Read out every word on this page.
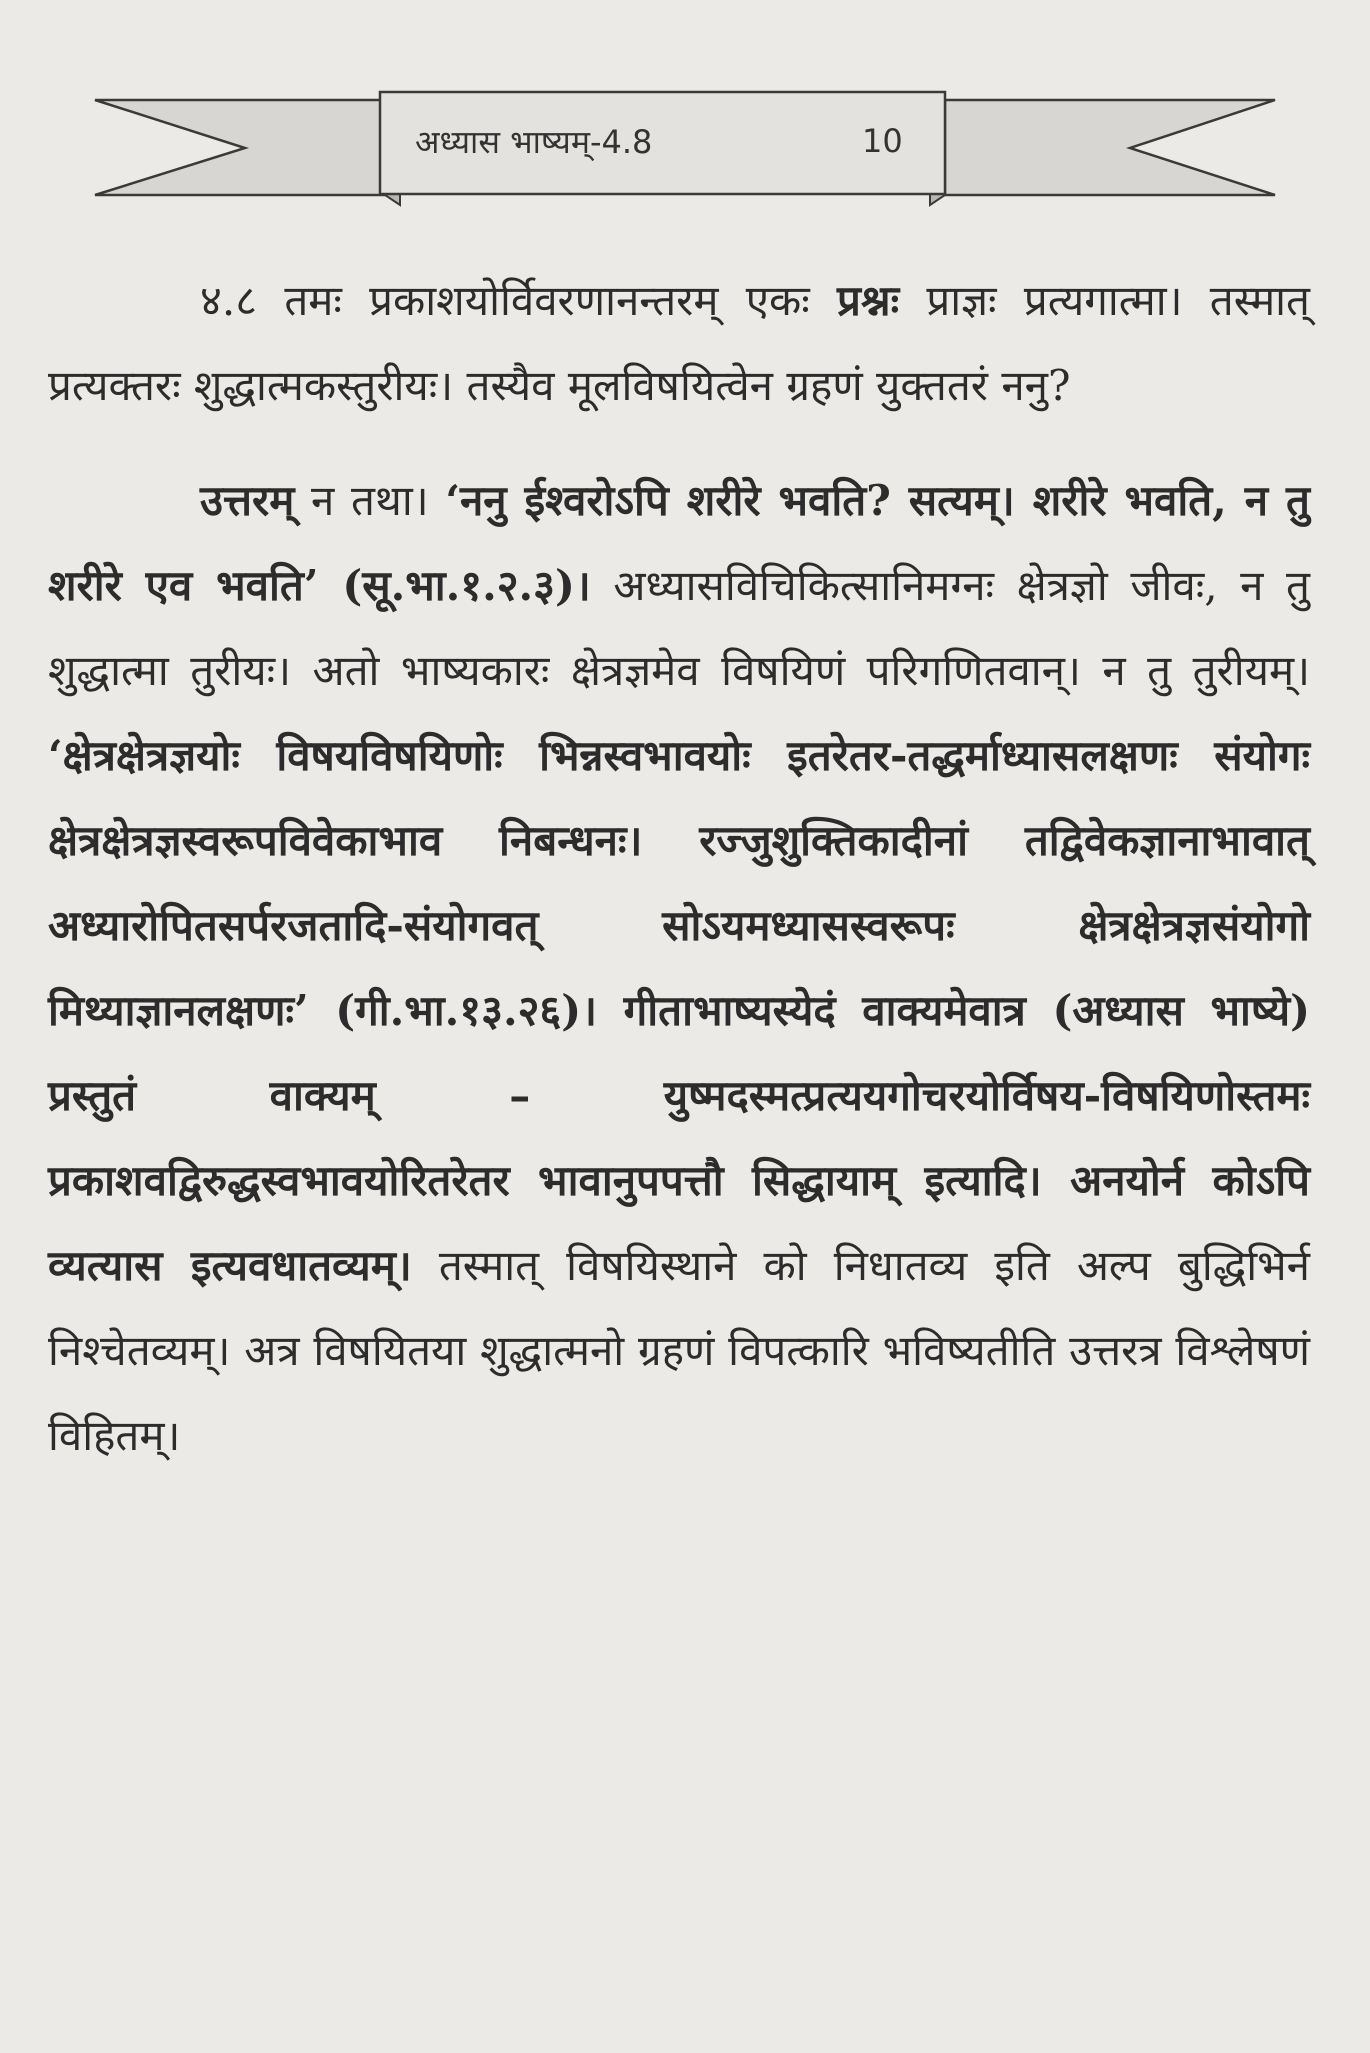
अध्यास भाष्यम्-4.8	10

४.८ तमः प्रकाशयोर्विवरणानन्तरम् एकः प्रश्नः प्राज्ञः प्रत्यगात्मा। तस्मात् प्रत्यक्तरः शुद्धात्मकस्तुरीयः। तस्यैव मूलविषयित्वेन ग्रहणं युक्ततरं ननु?

उत्तरम् न तथा। ‘ननु ईश्वरोऽपि शरीरे भवति? सत्यम्। शरीरे भवति, न तु शरीरे एव भवति’ (सू.भा.१.२.३)। अध्यासविचिकित्सानिमग्नः क्षेत्रज्ञो जीवः, न तु शुद्धात्मा तुरीयः। अतो भाष्यकारः क्षेत्रज्ञमेव विषयिणं परिगणितवान्। न तु तुरीयम्। ‘क्षेत्रक्षेत्रज्ञयोः विषयविषयिणोः भिन्नस्वभावयोः इतरेतर-तद्धर्माध्यासलक्षणः संयोगः क्षेत्रक्षेत्रज्ञस्वरूपविवेकाभाव निबन्धनः। रज्जुशुक्तिकादीनां तद्विवेकज्ञानाभावात् अध्यारोपितसर्परजतादि-संयोगवत् सोऽयमध्यासस्वरूपः क्षेत्रक्षेत्रज्ञसंयोगो मिथ्याज्ञानलक्षणः’ (गी.भा.१३.२६)। गीताभाष्यस्येदं वाक्यमेवात्र (अध्यास भाष्ये) प्रस्तुतं वाक्यम् – युष्मदस्मत्प्रत्ययगोचरयोर्विषय-विषयिणोस्तमः प्रकाशवद्विरुद्धस्वभावयोरितरेतर भावानुपपत्तौ सिद्धायाम् इत्यादि। अनयोर्न कोऽपि व्यत्यास इत्यवधातव्यम्। तस्मात् विषयिस्थाने को निधातव्य इति अल्प बुद्धिभिर्न निश्चेतव्यम्। अत्र विषयितया शुद्धात्मनो ग्रहणं विपत्कारि भविष्यतीति उत्तरत्र विश्लेषणं विहितम्।
